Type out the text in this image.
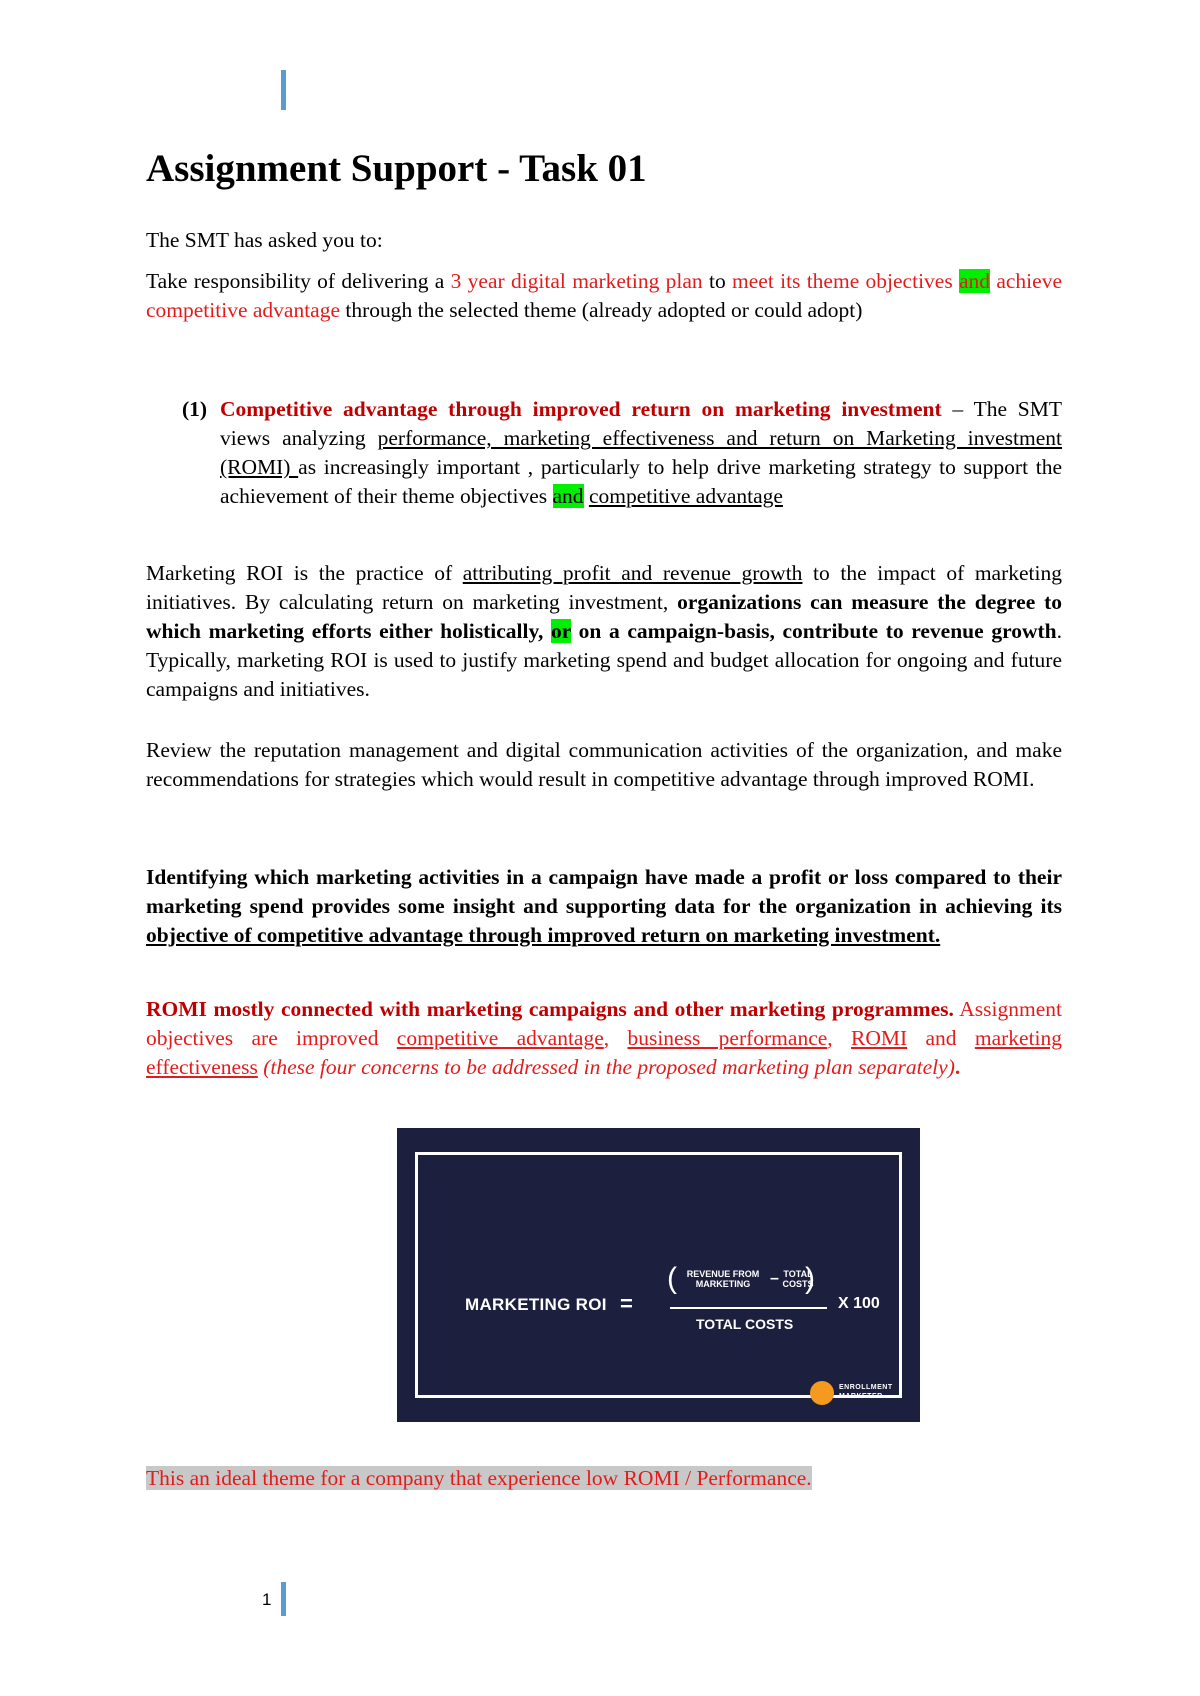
Assignment Support - Task 01

The SMT has asked you to:

Take responsibility of delivering a 3 year digital marketing plan to meet its theme objectives and achieve competitive advantage through the selected theme (already adopted or could adopt)

(1) Competitive advantage through improved return on marketing investment – The SMT views analyzing performance, marketing effectiveness and return on Marketing investment (ROMI) as increasingly important , particularly to help drive marketing strategy to support the achievement of their theme objectives and competitive advantage

Marketing ROI is the practice of attributing profit and revenue growth to the impact of marketing initiatives. By calculating return on marketing investment, organizations can measure the degree to which marketing efforts either holistically, or on a campaign-basis, contribute to revenue growth. Typically, marketing ROI is used to justify marketing spend and budget allocation for ongoing and future campaigns and initiatives.

Review the reputation management and digital communication activities of the organization, and make recommendations for strategies which would result in competitive advantage through improved ROMI.

Identifying which marketing activities in a campaign have made a profit or loss compared to their marketing spend provides some insight and supporting data for the organization in achieving its objective of competitive advantage through improved return on marketing investment.

ROMI mostly connected with marketing campaigns and other marketing programmes. Assignment objectives are improved competitive advantage, business performance, ROMI and marketing effectiveness (these four concerns to be addressed in the proposed marketing plan separately).

MARKETING ROI =
(	REVENUE FROM MARKETING	– TOTAL COSTS
)
TOTAL COSTS
X 100
ENROLLMENT MARKETER

This an ideal theme for a company that experience low ROMI / Performance.

1
